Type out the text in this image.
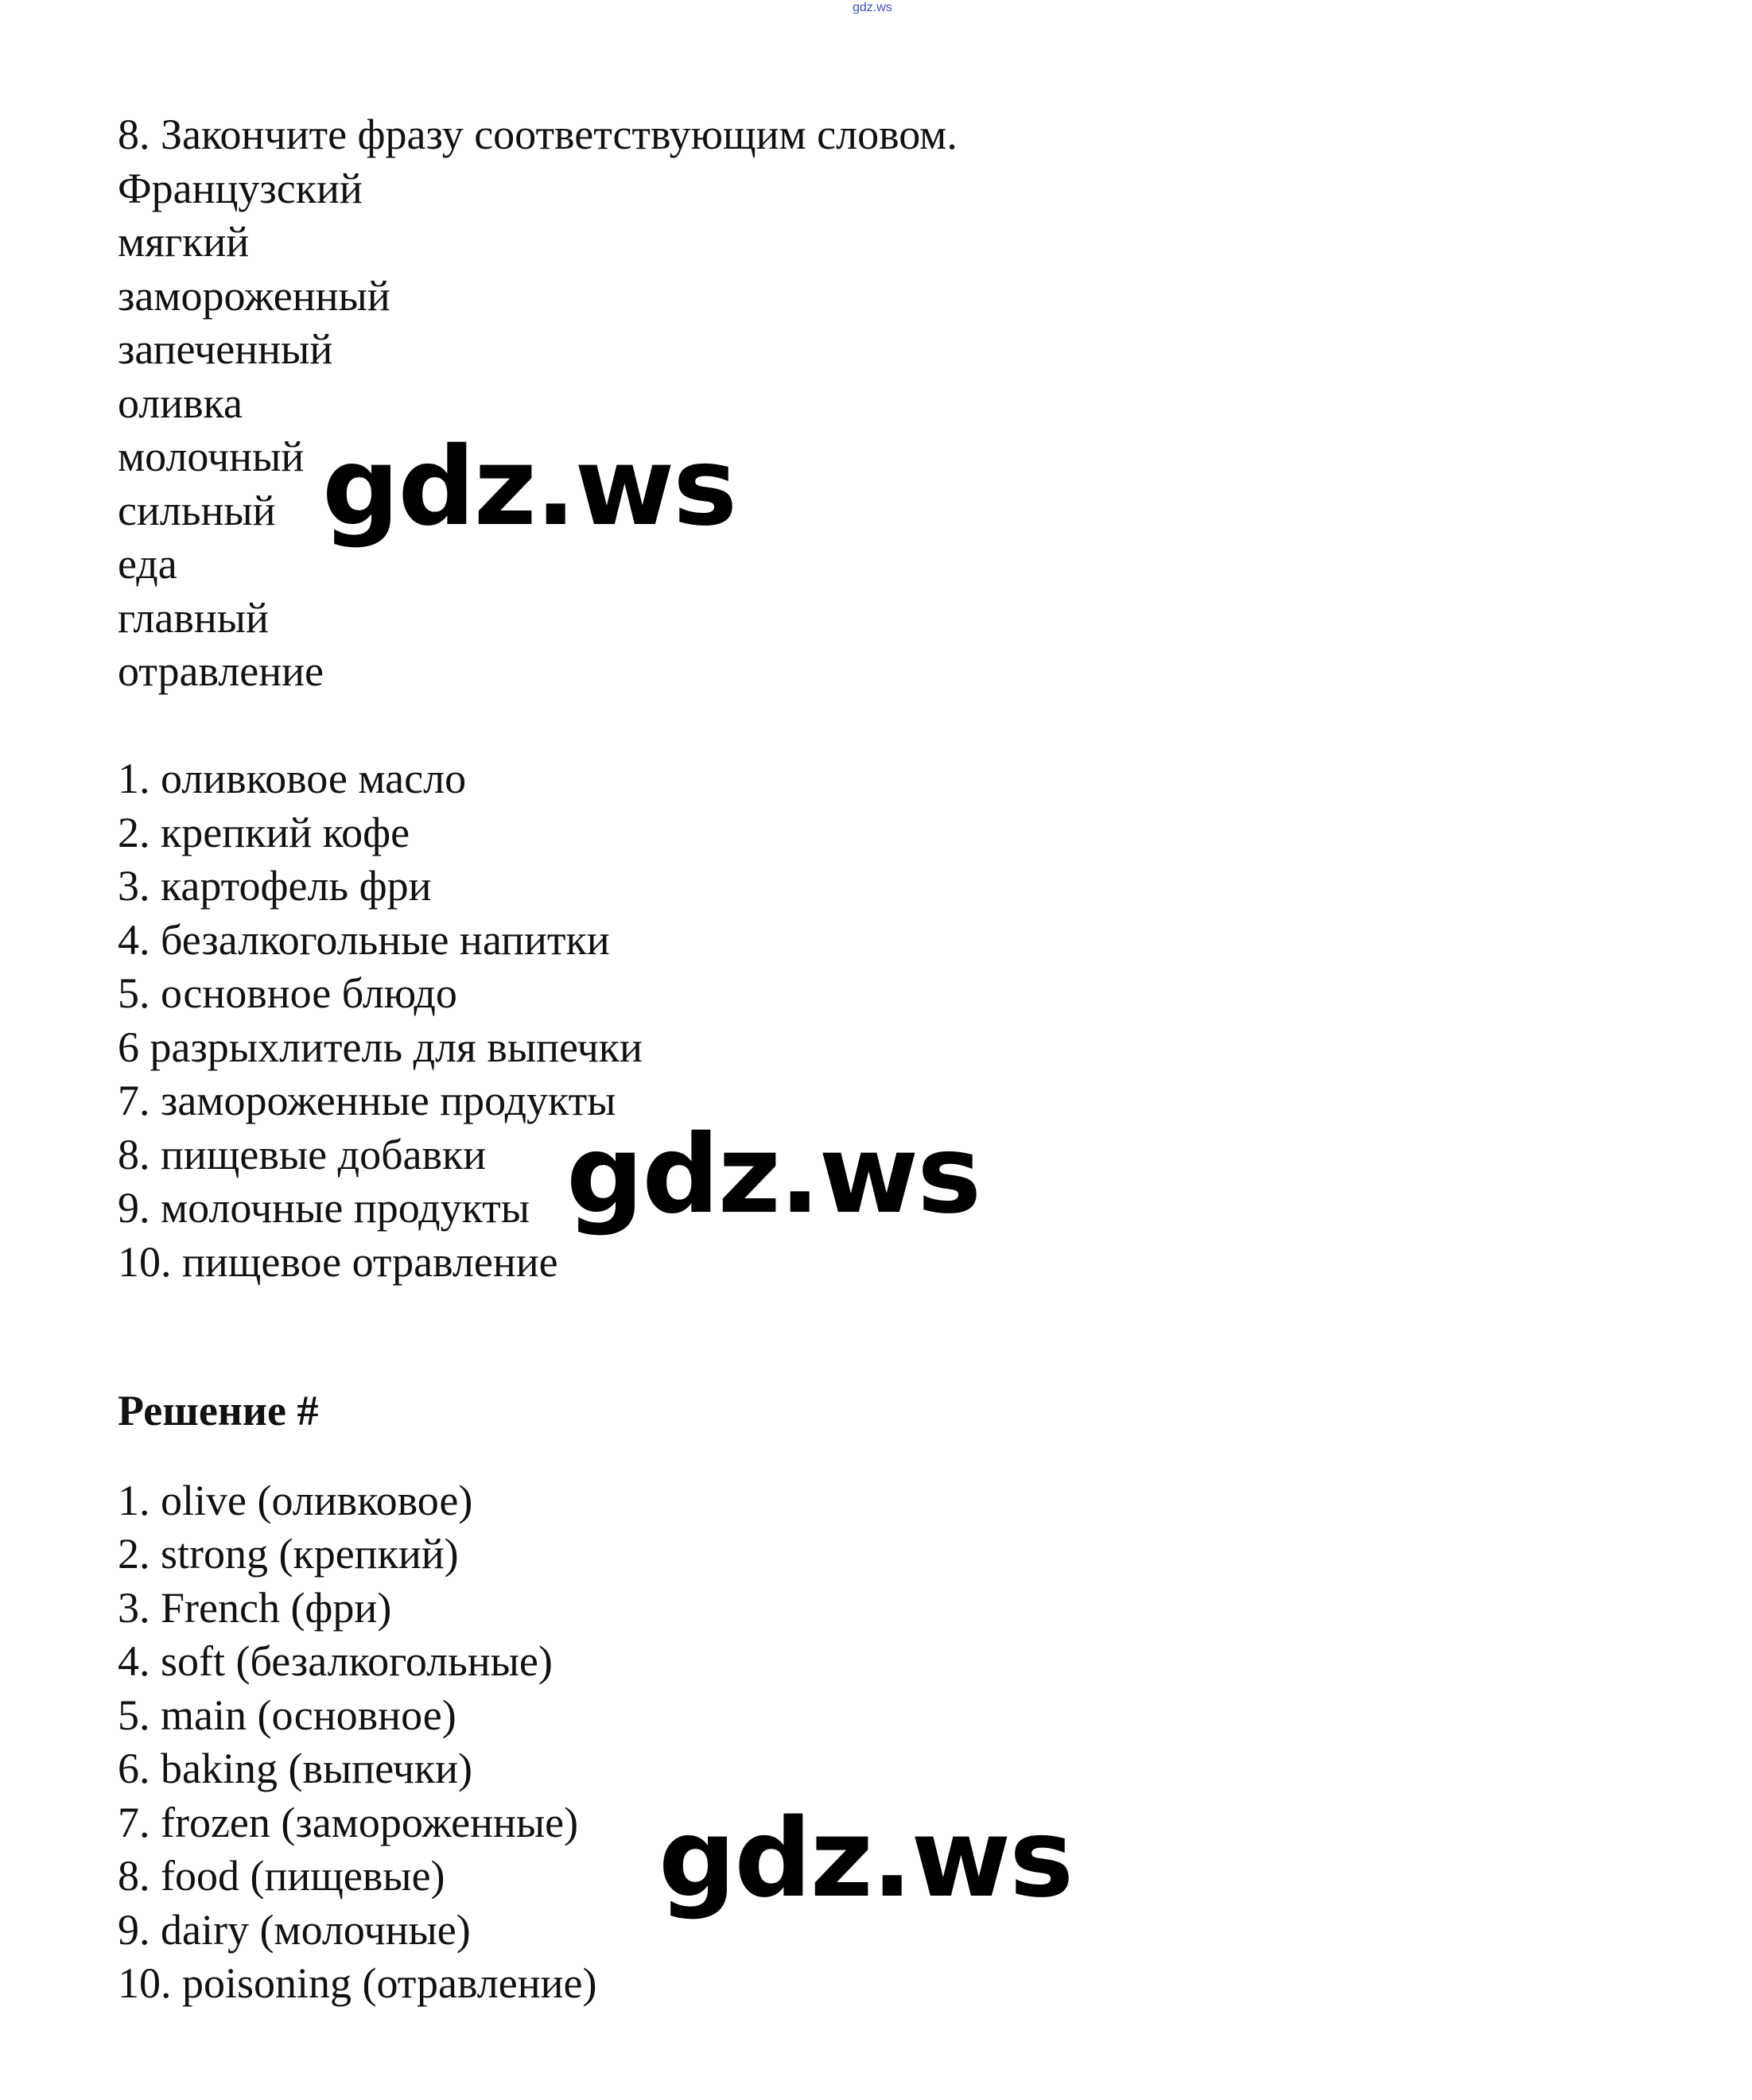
gdz.ws
8. Закончите фразу соответствующим словом.
Французский
мягкий
замороженный
запеченный
оливка
молочный
сильный
еда
главный
отравление
1. оливковое масло
2. крепкий кофе
3. картофель фри
4. безалкогольные напитки
5. основное блюдо
6 разрыхлитель для выпечки
7. замороженные продукты
8. пищевые добавки
9. молочные продукты
10. пищевое отравление
Решение #
1. olive (оливковое)
2. strong (крепкий)
3. French (фри)
4. soft (безалкогольные)
5. main (основное)
6. baking (выпечки)
7. frozen (замороженные)
8. food (пищевые)
9. dairy (молочные)
10. poisoning (отравление)
gdz.ws
gdz.ws
gdz.ws
